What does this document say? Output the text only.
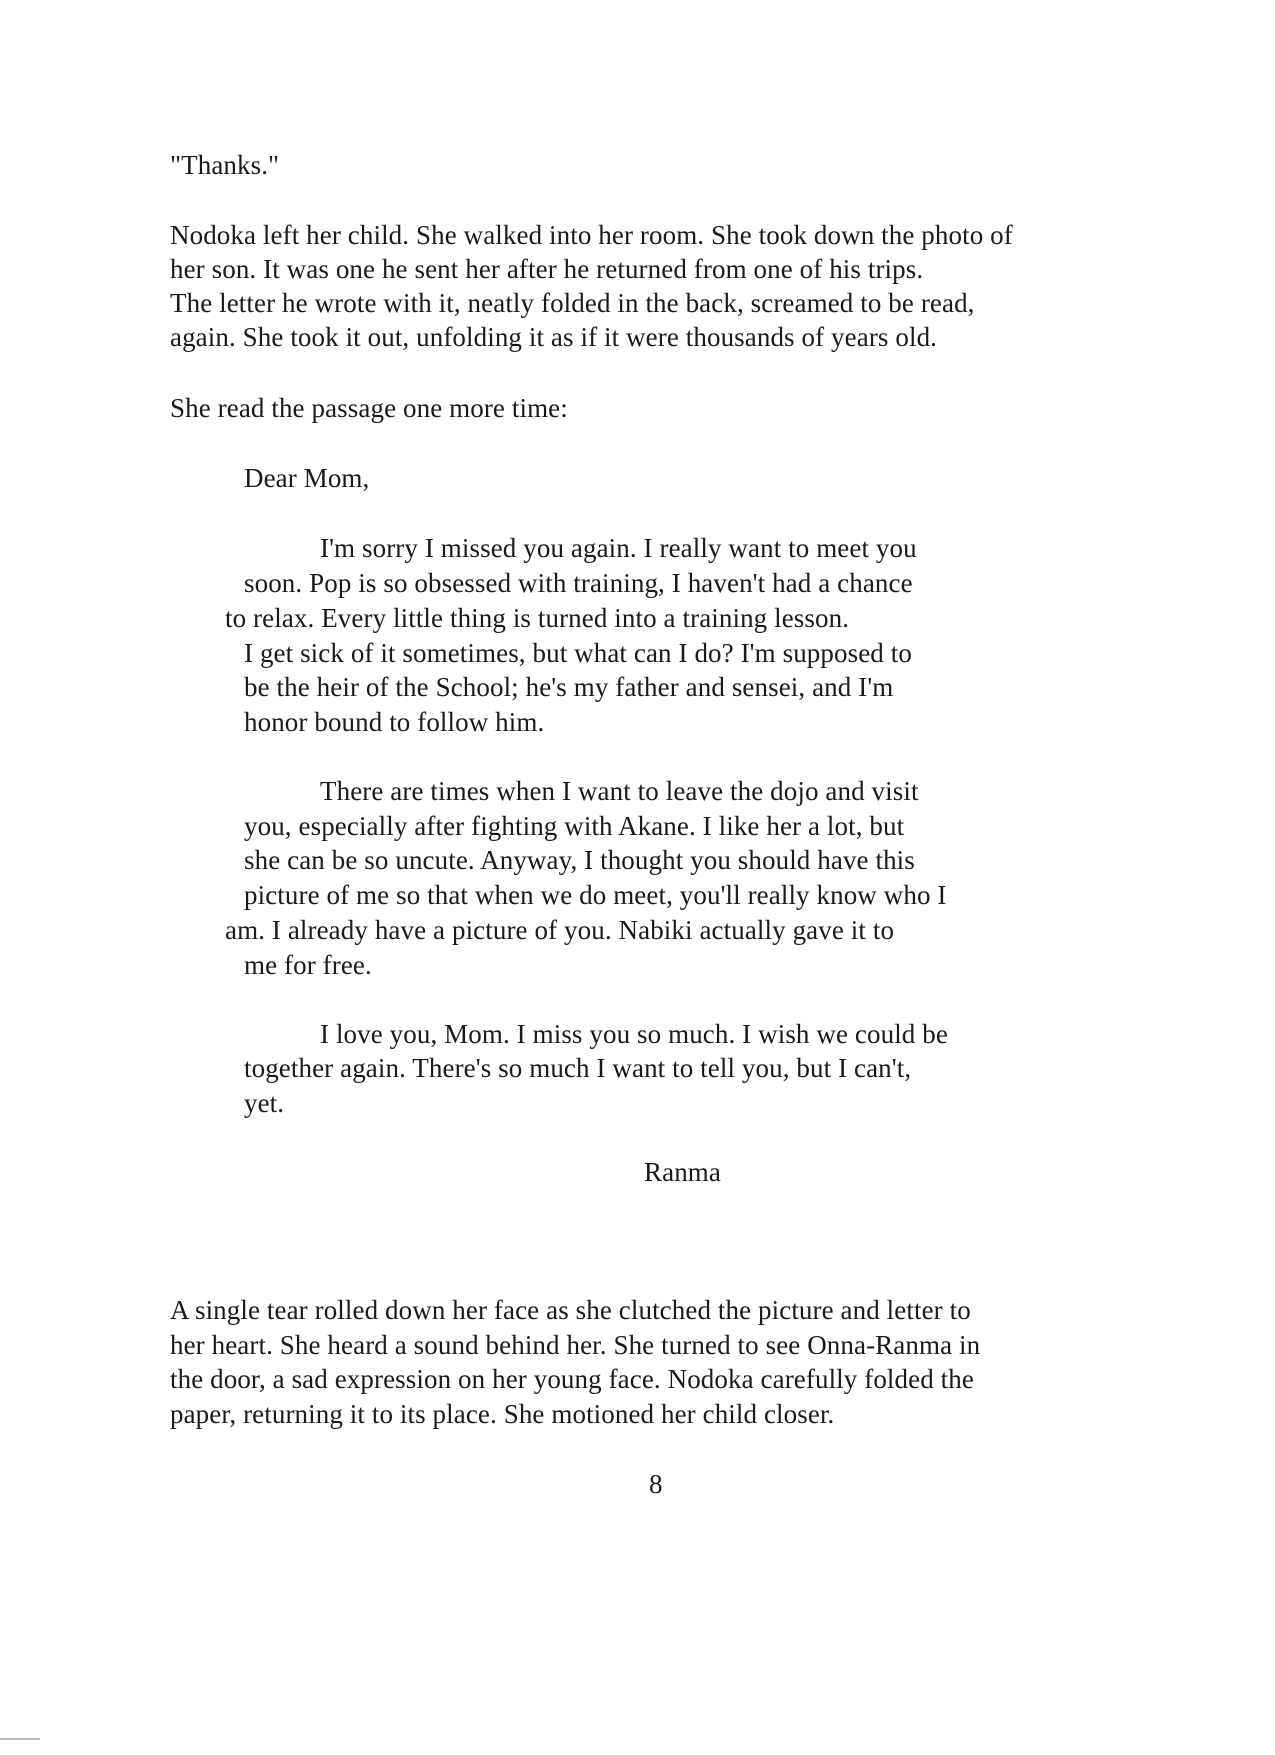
"Thanks."
Nodoka left her child. She walked into her room. She took down the photo of
her son. It was one he sent her after he returned from one of his trips.
The letter he wrote with it, neatly folded in the back, screamed to be read,
again. She took it out, unfolding it as if it were thousands of years old.
She read the passage one more time:
Dear Mom,
I'm sorry I missed you again. I really want to meet you
soon. Pop is so obsessed with training, I haven't had a chance
to relax. Every little thing is turned into a training lesson.
I get sick of it sometimes, but what can I do? I'm supposed to
be the heir of the School; he's my father and sensei, and I'm
honor bound to follow him.
There are times when I want to leave the dojo and visit
you, especially after fighting with Akane. I like her a lot, but
she can be so uncute. Anyway, I thought you should have this
picture of me so that when we do meet, you'll really know who I
am. I already have a picture of you. Nabiki actually gave it to
me for free.
I love you, Mom. I miss you so much. I wish we could be
together again. There's so much I want to tell you, but I can't,
yet.
Ranma
A single tear rolled down her face as she clutched the picture and letter to
her heart. She heard a sound behind her. She turned to see Onna-Ranma in
the door, a sad expression on her young face. Nodoka carefully folded the
paper, returning it to its place. She motioned her child closer.
8
